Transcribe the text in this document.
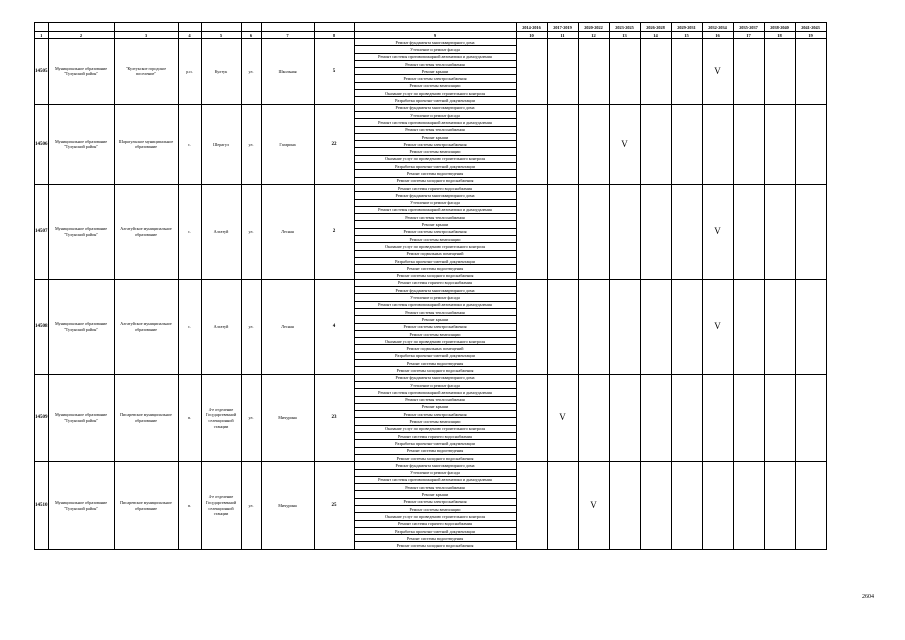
									2014-2016	2017-2019	2020-2022	2023-2025	2026-2028	2029-2031	2032-2034	2035-2037	2038-2040	2041-2043
1	2	3	4	5	6	7	8	9	10	11	12	13	14	15	16	17	18	19
14505	Муниципальное образование "Тулунский район"	"Култукское городское поселение"	р.п.	Култук	ул.	Школьная	5	Ремонт фундамента многоквартирного дома							V			
								Утепление и ремонт фасада										
								Ремонт системы противопожарной автоматики и дымоудаления										
								Ремонт системы теплоснабжения										
								Ремонт крыши										
								Ремонт системы электроснабжения										
								Ремонт системы вентиляции										
								Оказание услуг по проведению строительного контроля										
								Разработка проектно-сметной документации										
14506	Муниципальное образование "Тулунский район"	Шарагульское муниципальное образование	с.	Шерагул	ул.	Гагарина	22	Ремонт фундамента многоквартирного дома				V						
								Утепление и ремонт фасада										
								Ремонт системы противопожарной автоматики и дымоудаления										
								Ремонт системы теплоснабжения										
								Ремонт крыши										
								Ремонт системы электроснабжения										
								Ремонт системы вентиляции										
								Оказание услуг по проведению строительного контроля										
								Разработка проектно-сметной документации										
								Ремонт системы водоотведения										
								Ремонт системы холодного водоснабжения										
14507	Муниципальное образование "Тулунский район"	Алгатуйское муниципальное образование	с.	Алгатуй	ул.	Лесная	2	Ремонт системы горячего водоснабжения							V			
								Ремонт фундамента многоквартирного дома										
								Утепление и ремонт фасада										
								Ремонт системы противопожарной автоматики и дымоудаления										
								Ремонт системы теплоснабжения										
								Ремонт крыши										
								Ремонт системы электроснабжения										
								Ремонт системы вентиляции										
								Оказание услуг по проведению строительного контроля										
								Ремонт подвальных помещений										
								Разработка проектно-сметной документации										
								Ремонт системы водоотведения										
								Ремонт системы холодного водоснабжения										
14508	Муниципальное образование "Тулунский район"	Алгатуйское муниципальное образование	с.	Алгатуй	ул.	Лесная	4	Ремонт системы горячего водоснабжения							V			
								Ремонт фундамента многоквартирного дома										
								Утепление и ремонт фасада										
								Ремонт системы противопожарной автоматики и дымоудаления										
								Ремонт системы теплоснабжения										
								Ремонт крыши										
								Ремонт системы электроснабжения										
								Ремонт системы вентиляции										
								Оказание услуг по проведению строительного контроля										
								Ремонт подвальных помещений										
								Разработка проектно-сметной документации										
								Ремонт системы водоотведения										
								Ремонт системы холодного водоснабжения										
14509	Муниципальное образование "Тулунский район"	Писаревское муниципальное образование	п.	4-е отделение Государственной селекционной станции	ул.	Мичурина	23	Ремонт фундамента многоквартирного дома		V								
								Утепление и ремонт фасада										
								Ремонт системы противопожарной автоматики и дымоудаления										
								Ремонт системы теплоснабжения										
								Ремонт крыши										
								Ремонт системы электроснабжения										
								Ремонт системы вентиляции										
								Оказание услуг по проведению строительного контроля										
								Ремонт системы горячего водоснабжения										
								Разработка проектно-сметной документации										
								Ремонт системы водоотведения										
								Ремонт системы холодного водоснабжения										
14510	Муниципальное образование "Тулунский район"	Писаревское муниципальное образование	п.	4-е отделение Государственной селекционной станции	ул.	Мичурина	25	Ремонт фундамента многоквартирного дома			V							
								Утепление и ремонт фасада										
								Ремонт системы противопожарной автоматики и дымоудаления										
								Ремонт системы теплоснабжения										
								Ремонт крыши										
								Ремонт системы электроснабжения										
								Ремонт системы вентиляции										
								Оказание услуг по проведению строительного контроля										
								Ремонт системы горячего водоснабжения										
								Разработка проектно-сметной документации										
								Ремонт системы водоотведения										
								Ремонт системы холодного водоснабжения										
2604
